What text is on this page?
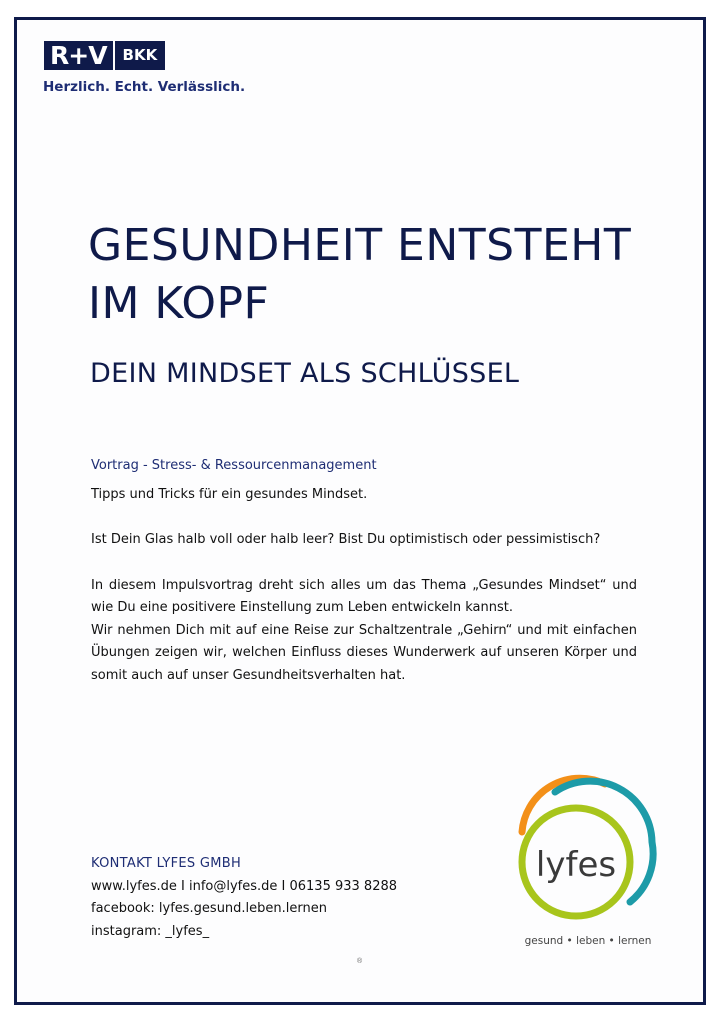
R+V BKK
Herzlich. Echt. Verlässlich.
GESUNDHEIT ENTSTEHT
IM KOPF
DEIN MINDSET ALS SCHLÜSSEL

Vortrag - Stress- & Ressourcenmanagement

Tipps und Tricks für ein gesundes Mindset.

Ist Dein Glas halb voll oder halb leer? Bist Du optimistisch oder pessimistisch?

In diesem Impulsvortrag dreht sich alles um das Thema „Gesundes Mindset“ und wie Du eine positivere Einstellung zum Leben entwickeln kannst.

Wir nehmen Dich mit auf eine Reise zur Schaltzentrale „Gehirn“ und mit einfachen Übungen zeigen wir, welchen Einfluss dieses Wunderwerk auf unseren Körper und somit auch auf unser Gesundheitsverhalten hat.

KONTAKT LYFES GMBH
www.lyfes.de I info@lyfes.de I 06135 933 8288
facebook: lyfes.gesund.leben.lernen
instagram: _lyfes_
lyfes
gesund • leben • lernen
®
